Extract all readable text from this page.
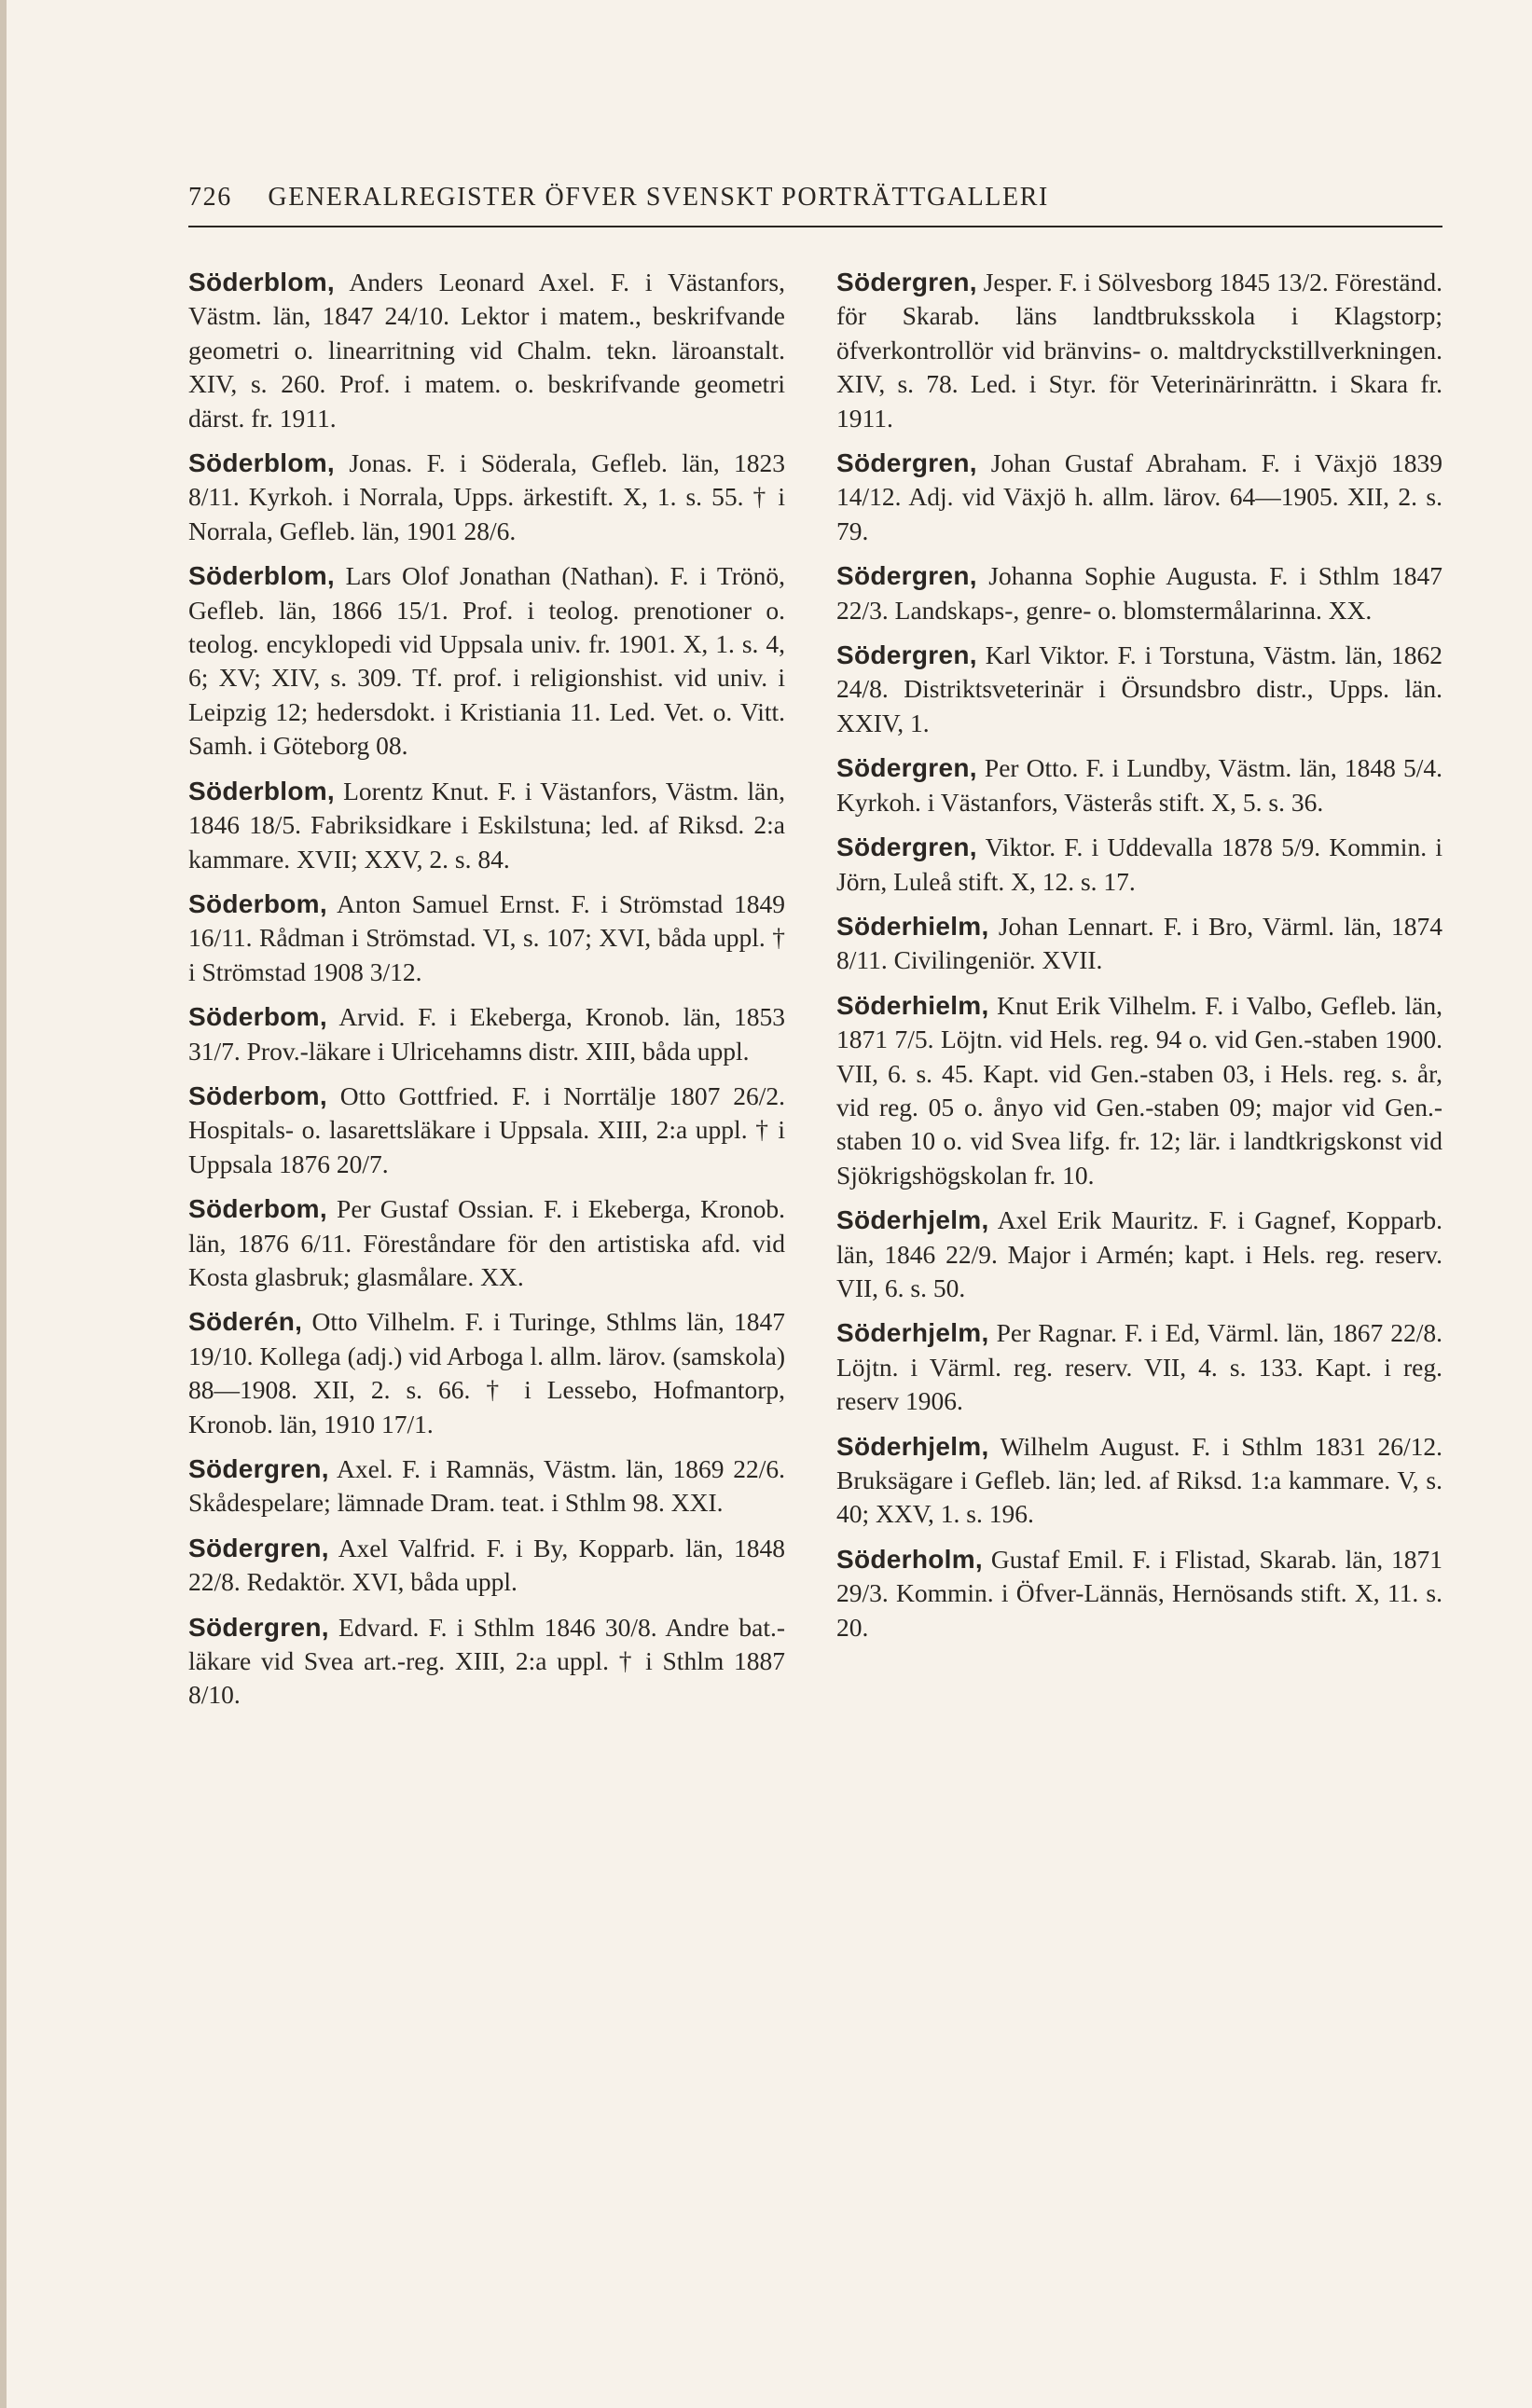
726 GENERALREGISTER ÖFVER SVENSKT PORTRÄTTGALLERI

Söderblom, Anders Leonard Axel. F. i Västanfors, Västm. län, 1847 24/10. Lektor i matem., beskrifvande geometri o. linearritning vid Chalm. tekn. läroanstalt. XIV, s. 260. Prof. i matem. o. beskrifvande geometri därst. fr. 1911.

Söderblom, Jonas. F. i Söderala, Gefleb. län, 1823 8/11. Kyrkoh. i Norrala, Upps. ärkestift. X, 1. s. 55. † i Norrala, Gefleb. län, 1901 28/6.

Söderblom, Lars Olof Jonathan (Nathan). F. i Trönö, Gefleb. län, 1866 15/1. Prof. i teolog. prenotioner o. teolog. encyklopedi vid Uppsala univ. fr. 1901. X, 1. s. 4, 6; XV; XIV, s. 309. Tf. prof. i religionshist. vid univ. i Leipzig 12; hedersdokt. i Kristiania 11. Led. Vet. o. Vitt. Samh. i Göteborg 08.

Söderblom, Lorentz Knut. F. i Västanfors, Västm. län, 1846 18/5. Fabriksidkare i Eskilstuna; led. af Riksd. 2:a kammare. XVII; XXV, 2. s. 84.

Söderbom, Anton Samuel Ernst. F. i Strömstad 1849 16/11. Rådman i Strömstad. VI, s. 107; XVI, båda uppl. † i Strömstad 1908 3/12.

Söderbom, Arvid. F. i Ekeberga, Kronob. län, 1853 31/7. Prov.-läkare i Ulricehamns distr. XIII, båda uppl.

Söderbom, Otto Gottfried. F. i Norrtälje 1807 26/2. Hospitals- o. lasarettsläkare i Uppsala. XIII, 2:a uppl. † i Uppsala 1876 20/7.

Söderbom, Per Gustaf Ossian. F. i Ekeberga, Kronob. län, 1876 6/11. Föreståndare för den artistiska afd. vid Kosta glasbruk; glasmålare. XX.

Söderén, Otto Vilhelm. F. i Turinge, Sthlms län, 1847 19/10. Kollega (adj.) vid Arboga l. allm. lärov. (samskola) 88—1908. XII, 2. s. 66. † i Lessebo, Hofmantorp, Kronob. län, 1910 17/1.

Södergren, Axel. F. i Ramnäs, Västm. län, 1869 22/6. Skådespelare; lämnade Dram. teat. i Sthlm 98. XXI.

Södergren, Axel Valfrid. F. i By, Kopparb. län, 1848 22/8. Redaktör. XVI, båda uppl.

Södergren, Edvard. F. i Sthlm 1846 30/8. Andre bat.-läkare vid Svea art.-reg. XIII, 2:a uppl. † i Sthlm 1887 8/10.

Södergren, Jesper. F. i Sölvesborg 1845 13/2. Föreständ. för Skarab. läns landtbruksskola i Klagstorp; öfverkontrollör vid bränvins- o. maltdryckstillverkningen. XIV, s. 78. Led. i Styr. för Veterinärinrättn. i Skara fr. 1911.

Södergren, Johan Gustaf Abraham. F. i Växjö 1839 14/12. Adj. vid Växjö h. allm. lärov. 64—1905. XII, 2. s. 79.

Södergren, Johanna Sophie Augusta. F. i Sthlm 1847 22/3. Landskaps-, genre- o. blomstermålarinna. XX.

Södergren, Karl Viktor. F. i Torstuna, Västm. län, 1862 24/8. Distriktsveterinär i Örsundsbro distr., Upps. län. XXIV, 1.

Södergren, Per Otto. F. i Lundby, Västm. län, 1848 5/4. Kyrkoh. i Västanfors, Västerås stift. X, 5. s. 36.

Södergren, Viktor. F. i Uddevalla 1878 5/9. Kommin. i Jörn, Luleå stift. X, 12. s. 17.

Söderhielm, Johan Lennart. F. i Bro, Värml. län, 1874 8/11. Civilingeniör. XVII.

Söderhielm, Knut Erik Vilhelm. F. i Valbo, Gefleb. län, 1871 7/5. Löjtn. vid Hels. reg. 94 o. vid Gen.-staben 1900. VII, 6. s. 45. Kapt. vid Gen.-staben 03, i Hels. reg. s. år, vid reg. 05 o. ånyo vid Gen.-staben 09; major vid Gen.-staben 10 o. vid Svea lifg. fr. 12; lär. i landtkrigskonst vid Sjökrigshögskolan fr. 10.

Söderhjelm, Axel Erik Mauritz. F. i Gagnef, Kopparb. län, 1846 22/9. Major i Armén; kapt. i Hels. reg. reserv. VII, 6. s. 50.

Söderhjelm, Per Ragnar. F. i Ed, Värml. län, 1867 22/8. Löjtn. i Värml. reg. reserv. VII, 4. s. 133. Kapt. i reg. reserv 1906.

Söderhjelm, Wilhelm August. F. i Sthlm 1831 26/12. Bruksägare i Gefleb. län; led. af Riksd. 1:a kammare. V, s. 40; XXV, 1. s. 196.

Söderholm, Gustaf Emil. F. i Flistad, Skarab. län, 1871 29/3. Kommin. i Öfver-Lännäs, Hernösands stift. X, 11. s. 20.
